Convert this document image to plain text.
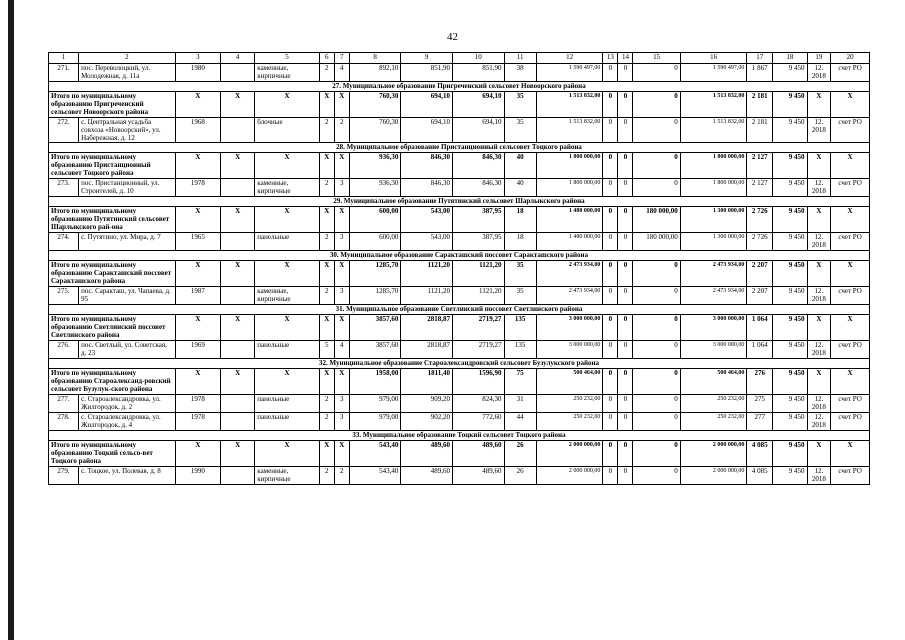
42
1	2	3	4	5	6	7	8	9	10	11	12	13	14	15	16	17	18	19	20
271.	пос. Переволоцкий, ул. Молодежная, д. 11а	1980		каменные, кирпичные	2	4	892,10	851,90	851,90	38	1 590 497,00	0	0	0	1 590 497,00	1 867	9 450	12. 2018	счет РО
27. Муниципальное образование Пригреченский сельсовет Новоорского района																			
Итого по муниципальному образованию Пригреченский сельсовет Новоорского района		X	X	X	X	X	760,30	694,10	694,10	35	1 513 832,00	0	0	0	1 513 832,00	2 181	9 450	X	X
272.	с. Центральная усадьба совхоза «Новоорский», ул. Набережная, д. 12	1968		блочные	2	2	760,30	694,10	694,10	35	1 513 832,00	0	0	0	1 513 832,00	2 181	9 450	12. 2018	счет РО
28. Муниципальное образование Пристанционный сельсовет Тоцкого района																			
Итого по муниципальному образованию Пристанционный сельсовет Тоцкого района		X	X	X	X	X	936,30	846,30	846,30	40	1 800 000,00	0	0	0	1 800 000,00	2 127	9 450	X	X
273.	пос. Пристанционный, ул. Строителей, д. 10	1978		каменные, кирпичные	2	3	936,30	846,30	846,30	40	1 800 000,00	0	0	0	1 800 000,00	2 127	9 450	12. 2018	счет РО
29. Муниципальное образование Путятинский сельсовет Шарлыкского района																			
Итого по муниципальному образованию Путятинский сельсовет Шарлыкского рай-она		X	X	X	X	X	600,00	543,00	387,95	18	1 480 000,00	0	0	180 000,00	1 300 000,00	2 726	9 450	X	X
274.	с. Путятино, ул. Мира, д. 7	1965		панельные	2	3	600,00	543,00	387,95	18	1 480 000,00	0	0	180 000,00	1 300 000,00	2 726	9 450	12. 2018	счет РО
30. Муниципальное образование Саракташский поссовет Саракташского района																			
Итого по муниципальному образованию Саракташский поссовет Саракташского района		X	X	X	X	X	1285,70	1121,20	1121,20	35	2 473 934,00	0	0	0	2 473 934,00	2 207	9 450	X	X
275.	пос. Саракташ, ул. Чапаева, д. 95	1987		каменные, кирпичные	2	3	1285,70	1121,20	1121,20	35	2 473 934,00	0	0	0	2 473 934,00	2 207	9 450	12. 2018	счет РО
31. Муниципальное образование Светлинский поссовет Светлинского района																			
Итого по муниципальному образованию Светлинский поссовет Светлинского района		X	X	X	X	X	3857,60	2818,87	2719,27	135	3 000 000,00	0	0	0	3 000 000,00	1 064	9 450	X	X
276.	пос. Светлый, ул. Советская, д. 23	1969		панельные	5	4	3857,60	2818,87	2719,27	135	3 000 000,00	0	0	0	3 000 000,00	1 064	9 450	12. 2018	счет РО
32. Муниципальное образование Староалександровский сельсовет Бузулукского района																			
Итого по муниципальному образованию Староалександ-ровский сельсовет Бузулук-ского района		X	X	X	X	X	1958,00	1811,40	1596,90	75	500 464,00	0	0	0	500 464,00	276	9 450	X	X
277.	с. Староалександровка, ул. Жилгородок, д. 2	1978		панельные	2	3	979,00	909,20	824,30	31	250 232,00	0	0	0	250 232,00	275	9 450	12. 2018	счет РО
278.	с. Староалександровка, ул. Жилгородок, д. 4	1978		панельные	2	3	979,00	902,20	772,60	44	250 232,00	0	0	0	250 232,00	277	9 450	12. 2018	счет РО
33. Муниципальное образование Тоцкий сельсовет Тоцкого района																			
Итого по муниципальному образованию Тоцкий сельсо-вет Тоцкого района		X	X	X	X	X	543,40	489,60	489,60	26	2 000 000,00	0	0	0	2 000 000,00	4 085	9 450	X	X
279.	с. Тоцкое, ул. Полевая, д. 8	1990		каменные, кирпичные	2	2	543,40	489,60	489,60	26	2 000 000,00	0	0	0	2 000 000,00	4 085	9 450	12. 2018	счет РО
